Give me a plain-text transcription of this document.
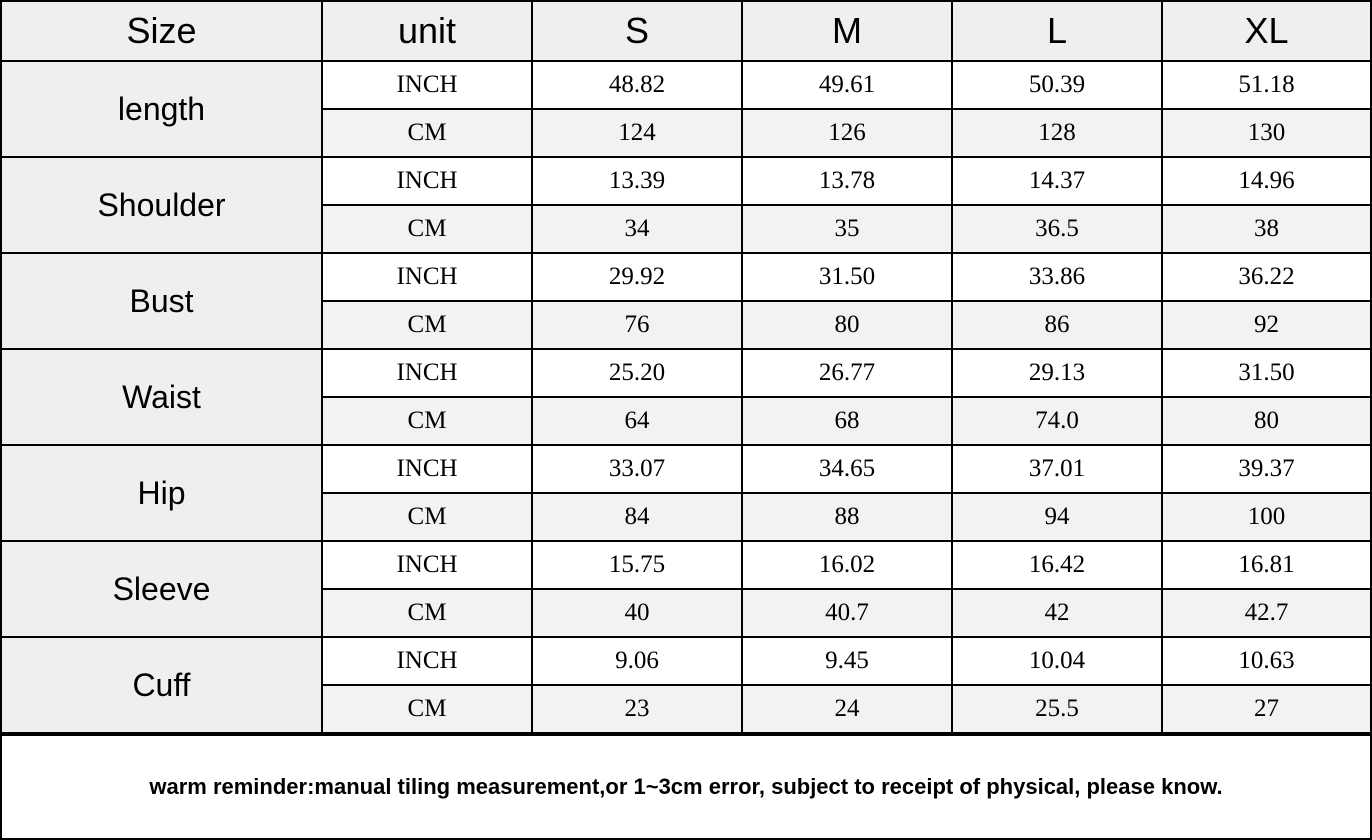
Size	unit	S	M	L	XL
length	INCH	48.82	49.61	50.39	51.18
	CM	124	126	128	130
Shoulder	INCH	13.39	13.78	14.37	14.96
	CM	34	35	36.5	38
Bust	INCH	29.92	31.50	33.86	36.22
	CM	76	80	86	92
Waist	INCH	25.20	26.77	29.13	31.50
	CM	64	68	74.0	80
Hip	INCH	33.07	34.65	37.01	39.37
	CM	84	88	94	100
Sleeve	INCH	15.75	16.02	16.42	16.81
	CM	40	40.7	42	42.7
Cuff	INCH	9.06	9.45	10.04	10.63
	CM	23	24	25.5	27
warm reminder:manual tiling measurement,or 1~3cm error, subject to receipt of physical, please know.
